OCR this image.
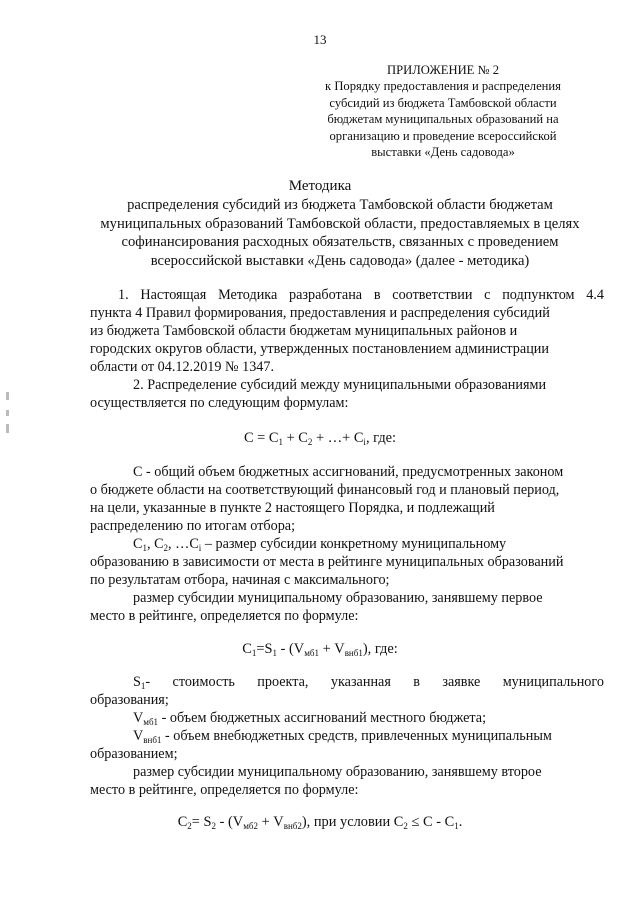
13
ПРИЛОЖЕНИЕ № 2
к Порядку предоставления и распределения
субсидий из бюджета Тамбовской области
бюджетам муниципальных образований на
организацию и проведение всероссийской
выставки «День садовода»
Методика
распределения субсидий из бюджета Тамбовской области бюджетам
муниципальных образований Тамбовской области, предоставляемых в целях
софинансирования расходных обязательств, связанных с проведением
всероссийской выставки «День садовода» (далее - методика)
1. Настоящая Методика разработана в соответствии с подпунктом 4.4
пункта 4 Правил формирования, предоставления и распределения субсидий
из бюджета Тамбовской области бюджетам муниципальных районов и
городских округов области, утвержденных постановлением администрации
области от 04.12.2019 № 1347.
2. Распределение субсидий между муниципальными образованиями
осуществляется по следующим формулам:
$С = С_1 + С_2$ + …+ $С_i$, где:
С - общий объем бюджетных ассигнований, предусмотренных законом
о бюджете области на соответствующий финансовый год и плановый период,
на цели, указанные в пункте 2 настоящего Порядка, и подлежащий
распределению по итогам отбора;
$С_1$, $С_2$, $\dots С_i$ – размер субсидии конкретному муниципальному
образованию в зависимости от места в рейтинге муниципальных образований
по результатам отбора, начиная с максимального;
размер субсидии муниципальному образованию, занявшему первое
место в рейтинге, определяется по формуле:
$С_1=S_1 - (V_{мб1} + V_{внб1})$, где:
$S_1-$ стоимость проекта, указанная в заявке муниципального
образования;
$V_{мб1}$ - объем бюджетных ассигнований местного бюджета;
$V_{внб1}$ - объем внебюджетных средств, привлеченных муниципальным
образованием;
размер субсидии муниципальному образованию, занявшему второе
место в рейтинге, определяется по формуле:
$С_2= S_2 - (V_{мб2} + V_{внб2})$, при условии $С_2 \le С - С_1$.
